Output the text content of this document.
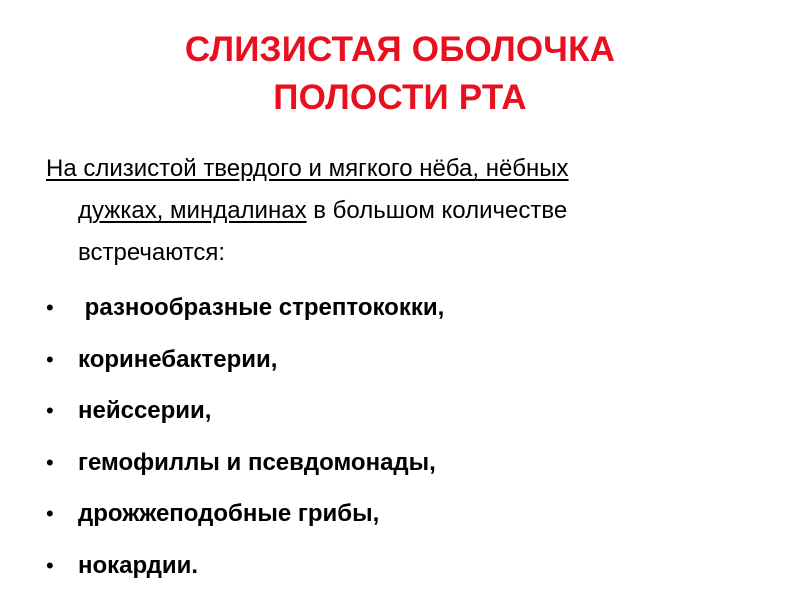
СЛИЗИСТАЯ ОБОЛОЧКА
ПОЛОСТИ РТА

На слизистой твердого и мягкого нёба, нёбных
дужках, миндалинах в большом количестве
встречаются:

• разнообразные стрептококки,
• коринебактерии,
• нейссерии,
• гемофиллы и псевдомонады,
• дрожжеподобные грибы,
• нокардии.
